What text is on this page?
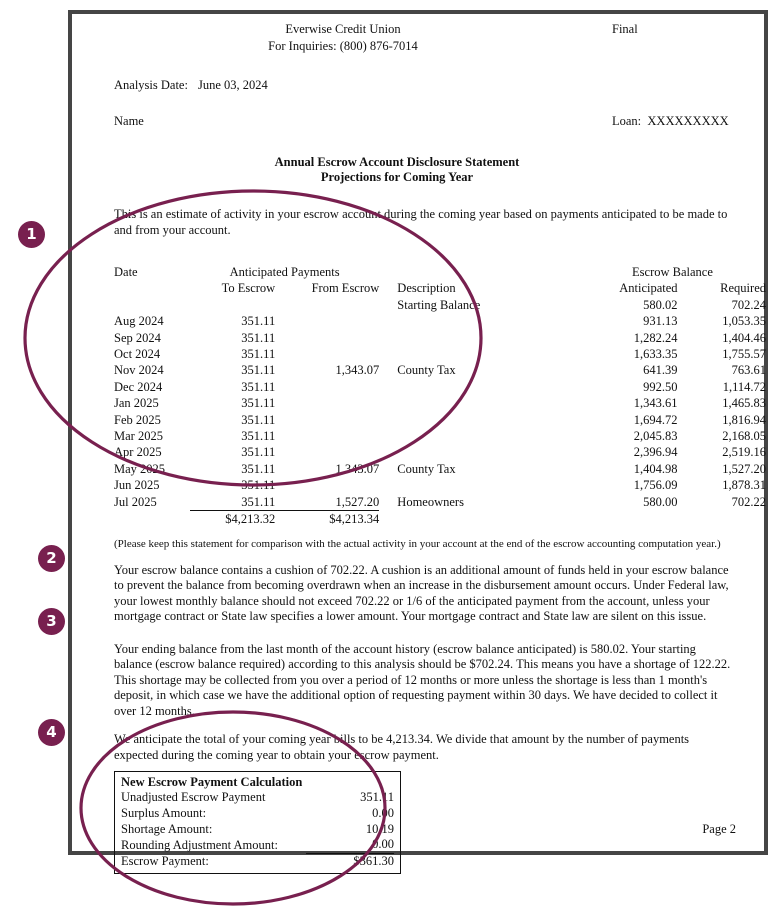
Everwise Credit Union	Final
For Inquiries: (800) 876-7014
Analysis Date: June 03, 2024
Name	Loan:  XXXXXXXXX
Annual Escrow Account Disclosure Statement
Projections for Coming Year
This is an estimate of activity in your escrow account during the coming year based on payments anticipated to be made to and from your account.
Date	Anticipated Payments			Escrow Balance	
	To Escrow	From Escrow	Description	Anticipated	Required
			Starting Balance	580.02	702.24
Aug 2024	351.11			931.13	1,053.35
Sep 2024	351.11			1,282.24	1,404.46
Oct 2024	351.11			1,633.35	1,755.57
Nov 2024	351.11	1,343.07	County Tax	641.39	763.61
Dec 2024	351.11			992.50	1,114.72
Jan 2025	351.11			1,343.61	1,465.83
Feb 2025	351.11			1,694.72	1,816.94
Mar 2025	351.11			2,045.83	2,168.05
Apr 2025	351.11			2,396.94	2,519.16
May 2025	351.11	1,343.07	County Tax	1,404.98	1,527.20
Jun 2025	351.11			1,756.09	1,878.31
Jul 2025	351.11	1,527.20	Homeowners	580.00	702.22
	$4,213.32	$4,213.34			
(Please keep this statement for comparison with the actual activity in your account at the end of the escrow accounting computation year.)
Your escrow balance contains a cushion of 702.22. A cushion is an additional amount of funds held in your escrow balance to prevent the balance from becoming overdrawn when an increase in the disbursement amount occurs. Under Federal law, your lowest monthly balance should not exceed 702.22 or 1/6 of the anticipated payment from the account, unless your mortgage contract or State law specifies a lower amount. Your mortgage contract and State law are silent on this issue.
Your ending balance from the last month of the account history (escrow balance anticipated) is 580.02. Your starting balance (escrow balance required) according to this analysis should be $702.24. This means you have a shortage of 122.22. This shortage may be collected from you over a period of 12 months or more unless the shortage is less than 1 month's deposit, in which case we have the additional option of requesting payment within 30 days. We have decided to collect it over 12 months.
We anticipate the total of your coming year bills to be 4,213.34. We divide that amount by the number of payments expected during the coming year to obtain your escrow payment.
New Escrow Payment Calculation
Unadjusted Escrow Payment	351.11
Surplus Amount:	0.00
Shortage Amount:	10.19
Rounding Adjustment Amount:	0.00
Escrow Payment:	$361.30
Page 2
1
2
3
4
